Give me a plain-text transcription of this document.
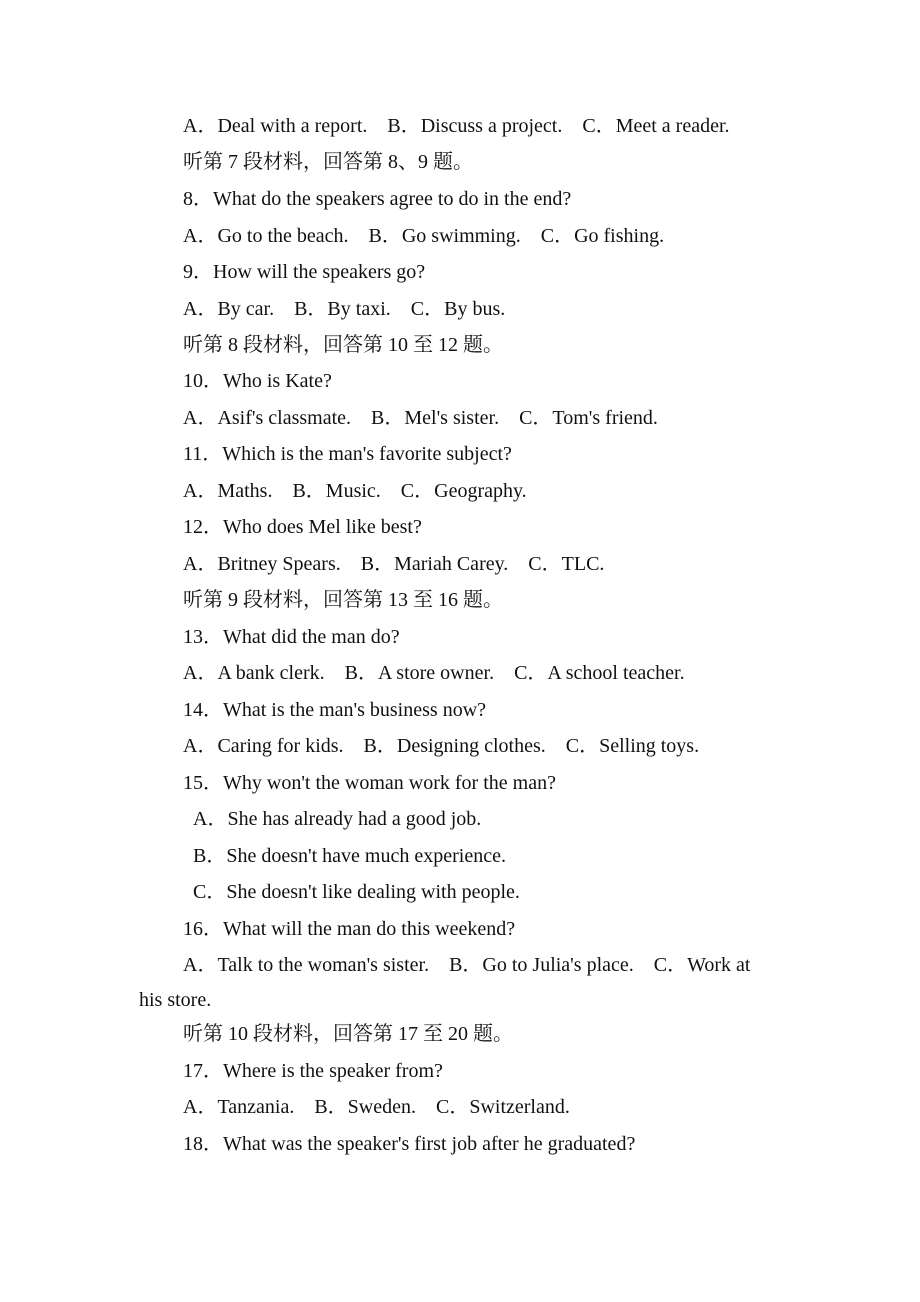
A．Deal with a report.    B．Discuss a project.    C．Meet a reader.
听第 7 段材料，回答第 8、9 题。
8．What do the speakers agree to do in the end?
A．Go to the beach.    B．Go swimming.    C．Go fishing.
9．How will the speakers go?
A．By car.    B．By taxi.    C．By bus.
听第 8 段材料，回答第 10 至 12 题。
10．Who is Kate?
A．Asif's classmate.    B．Mel's sister.    C．Tom's friend.
11．Which is the man's favorite subject?
A．Maths.    B．Music.    C．Geography.
12．Who does Mel like best?
A．Britney Spears.    B．Mariah Carey.    C．TLC.
听第 9 段材料，回答第 13 至 16 题。
13．What did the man do?
A．A bank clerk.    B．A store owner.    C．A school teacher.
14．What is the man's business now?
A．Caring for kids.    B．Designing clothes.    C．Selling toys.
15．Why won't the woman work for the man?
A．She has already had a good job.
B．She doesn't have much experience.
C．She doesn't like dealing with people.
16．What will the man do this weekend?
A．Talk to the woman's sister.    B．Go to Julia's place.    C．Work at
his store.
听第 10 段材料，回答第 17 至 20 题。
17．Where is the speaker from?
A．Tanzania.    B．Sweden.    C．Switzerland.
18．What was the speaker's first job after he graduated?
